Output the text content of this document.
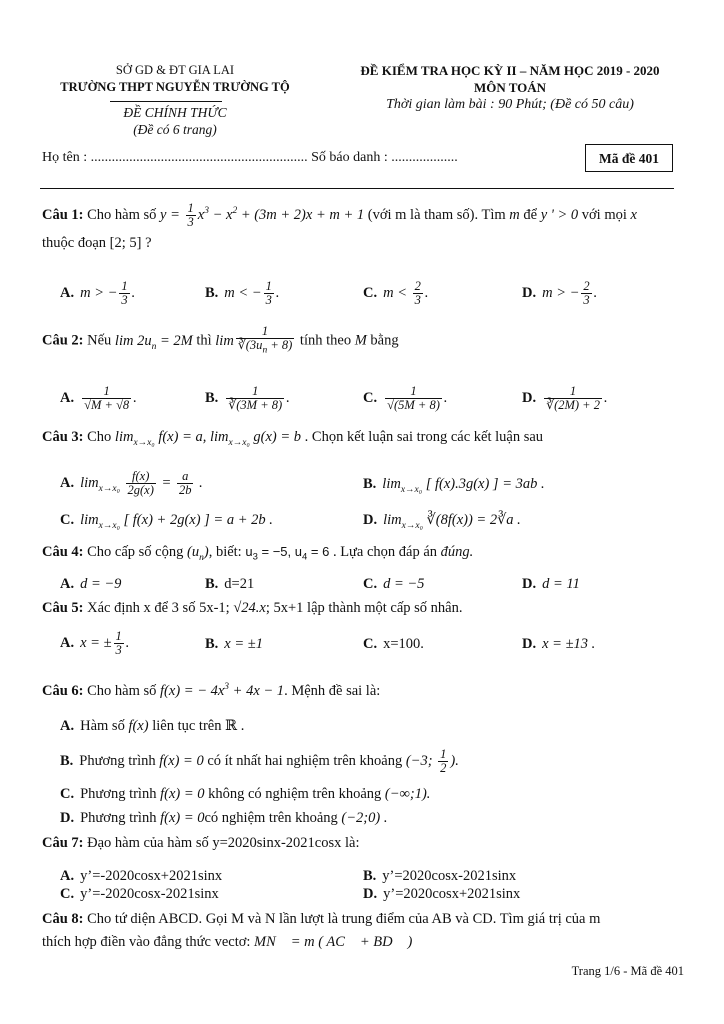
SỞ GD & ĐT GIA LAI
TRƯỜNG THPT NGUYỄN TRƯỜNG TỘ
ĐỀ CHÍNH THỨC
(Đề có 6 trang)
ĐỀ KIỂM TRA HỌC KỲ II – NĂM HỌC 2019 - 2020
MÔN TOÁN
Thời gian làm bài : 90 Phút; (Đề có 50 câu)
Họ tên : .............................................................. Số báo danh : ...................	Mã đề 401
Câu 1: Cho hàm số $y = \frac{1}{3} x^3 - x^2 + (3m + 2)x + m + 1$ (với m là tham số). Tìm m để y ' > 0 với mọi x
thuộc đoạn [2; 5] ?
A. m > − $\frac{1}{3}$ .	B. m < − $\frac{1}{3}$ .	C. $m < \frac{2}{3}$ .	D. m > − $\frac{2}{3}$ .
Câu 2: Nếu $\lim 2u_n = 2M$ thì $\lim \frac{1}{∛(3u_n + 8)}$ tính theo M bằng
A. $\frac{1}{√M + √8}$ .	B. $\frac{1}{∛(3M + 8)}$ .	C. $\frac{1}{√(5M + 8)}$ .	D. $\frac{1}{∛(2M) + 2}$ .
Câu 3: Cho $\lim_{x\to x_0} f(x) = a$, $\lim_{x\to x_0} g(x) = b$ . Chọn kết luận sai trong các kết luận sau
A. $\lim_{x\to x_0} \frac{f(x)}{2g(x)} = \frac{a}{2b}$ .	B. $\lim_{x\to x_0}$ [ f(x).3g(x) ] = 3ab .
C. $\lim_{x\to x_0}$ [ f(x) + 2g(x) ] = a + 2b .	D. $\lim_{x\to x_0}$ ∛(8f(x)) = 2∛a .
Câu 4: Cho cấp số cộng $(u_n)$, biết: $u_3 = -5$, $u_4 = 6$ . Lựa chọn đáp án đúng.
A. d = −9	B. d=21	C. d = −5	D. d = 11
Câu 5: Xác định x để 3 số 5x-1; √24.x; 5x+1 lập thành một cấp số nhân.
A. x = ± $\frac{1}{3}$ .	B. x = ±1	C. x=100.	D. x = ±13 .
Câu 6: Cho hàm số f(x) = − $4x^3 + 4x - 1$. Mệnh đề sai là:
A. Hàm số f(x) liên tục trên ℝ .
B. Phương trình f(x) = 0 có ít nhất hai nghiệm trên khoảng (−3; $\frac{1}{2}$ ).
C. Phương trình f(x) = 0 không có nghiệm trên khoảng (−∞;1).
D. Phương trình f(x) = 0có nghiệm trên khoảng (−2;0) .
Câu 7: Đạo hàm của hàm số y=2020sinx-2021cosx là:
A. y’=-2020cosx+2021sinx	B. y’=2020cosx-2021sinx
C. y’=-2020cosx-2021sinx	D. y’=2020cosx+2021sinx
Câu 8: Cho tứ diện ABCD. Gọi M và N lần lượt là trung điểm của AB và CD. Tìm giá trị của m
thích hợp điền vào đẳng thức vectơ: MN⃗ = m ( AC⃗ + BD⃗ )
Trang 1/6 - Mã đề 401
